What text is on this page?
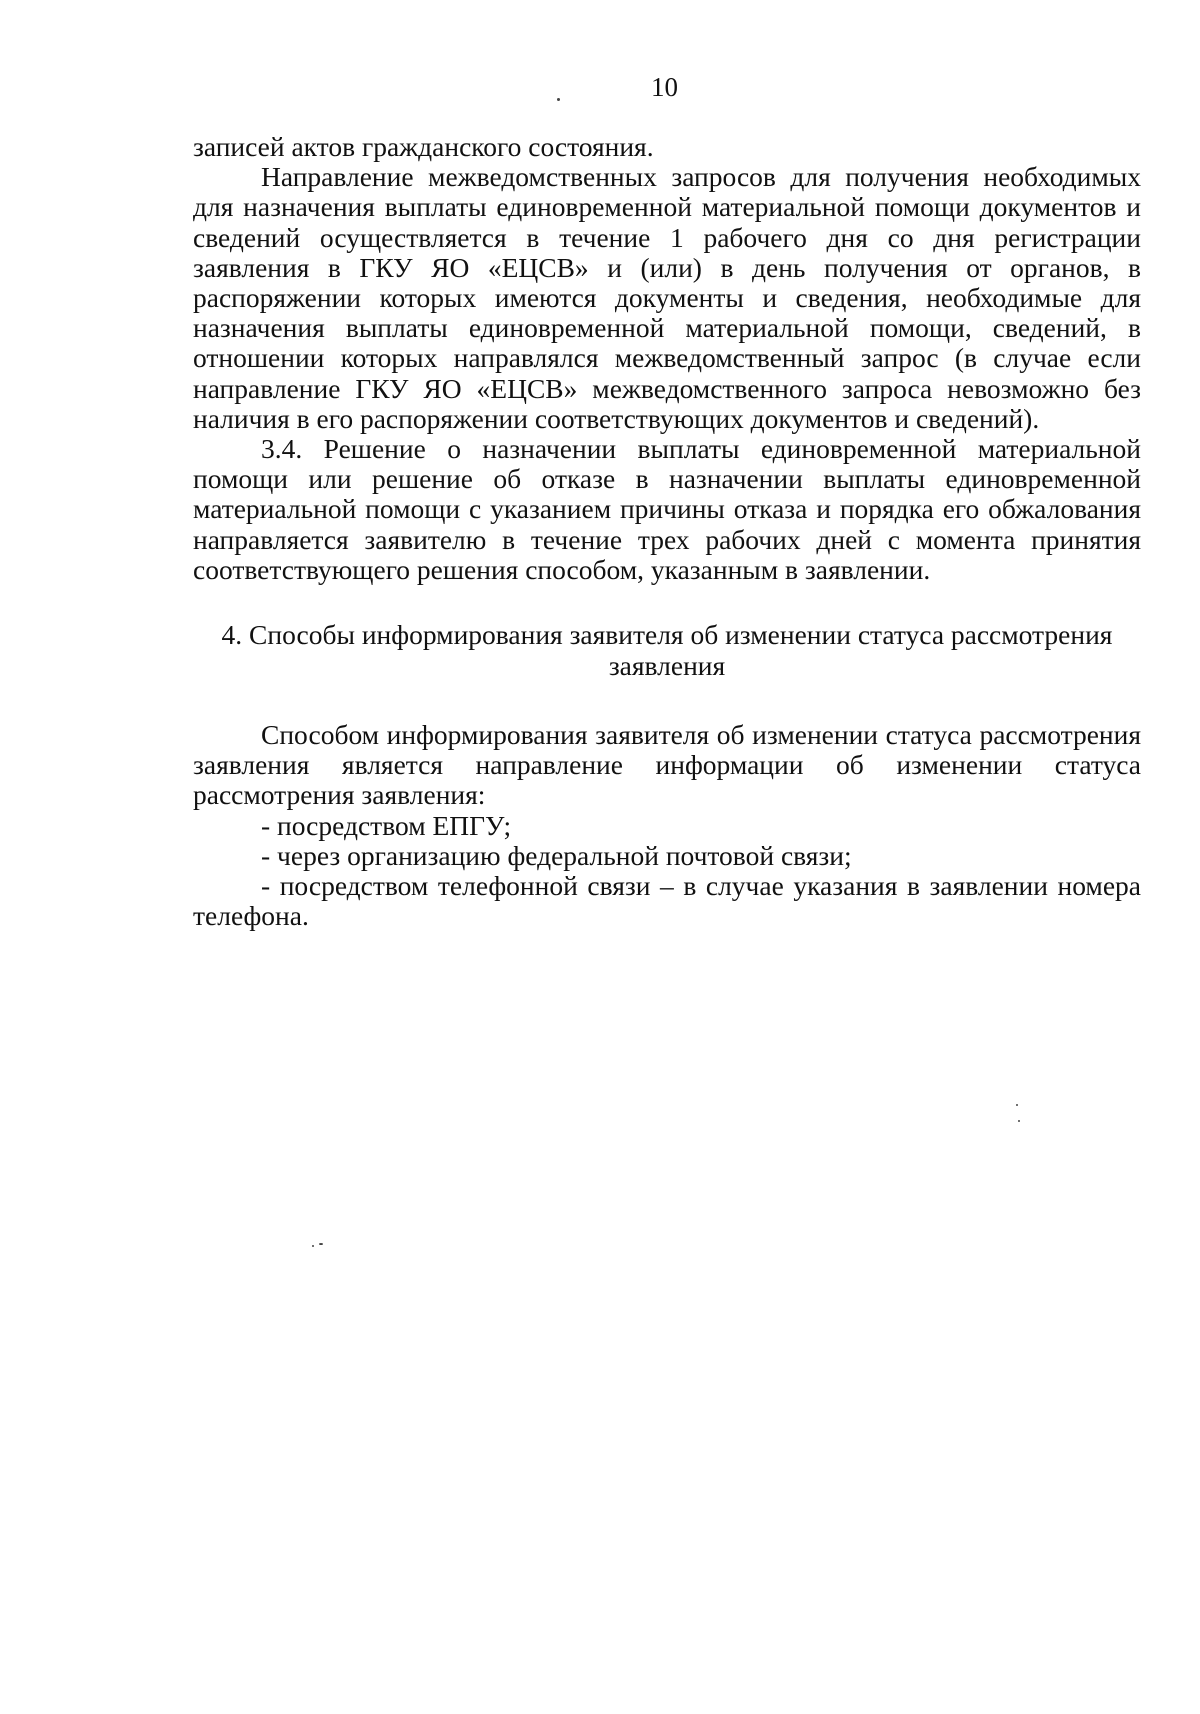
10

записей актов гражданского состояния.

Направление межведомственных запросов для получения необходимых для назначения выплаты единовременной материальной помощи документов и сведений осуществляется в течение 1 рабочего дня со дня регистрации заявления в ГКУ ЯО «ЕЦСВ» и (или) в день получения от органов, в распоряжении которых имеются документы и сведения, необходимые для назначения выплаты единовременной материальной помощи, сведений, в отношении которых направлялся межведомственный запрос (в случае если направление ГКУ ЯО «ЕЦСВ» межведомственного запроса невозможно без наличия в его распоряжении соответствующих документов и сведений).

3.4. Решение о назначении выплаты единовременной материальной помощи или решение об отказе в назначении выплаты единовременной материальной помощи с указанием причины отказа и порядка его обжалования направляется заявителю в течение трех рабочих дней с момента принятия соответствующего решения способом, указанным в заявлении.

4. Способы информирования заявителя об изменении статуса рассмотрения
заявления

Способом информирования заявителя об изменении статуса рассмотрения заявления является направление информации об изменении статуса рассмотрения заявления:

- посредством ЕПГУ;

- через организацию федеральной почтовой связи;

- посредством телефонной связи – в случае указания в заявлении номера телефона.
